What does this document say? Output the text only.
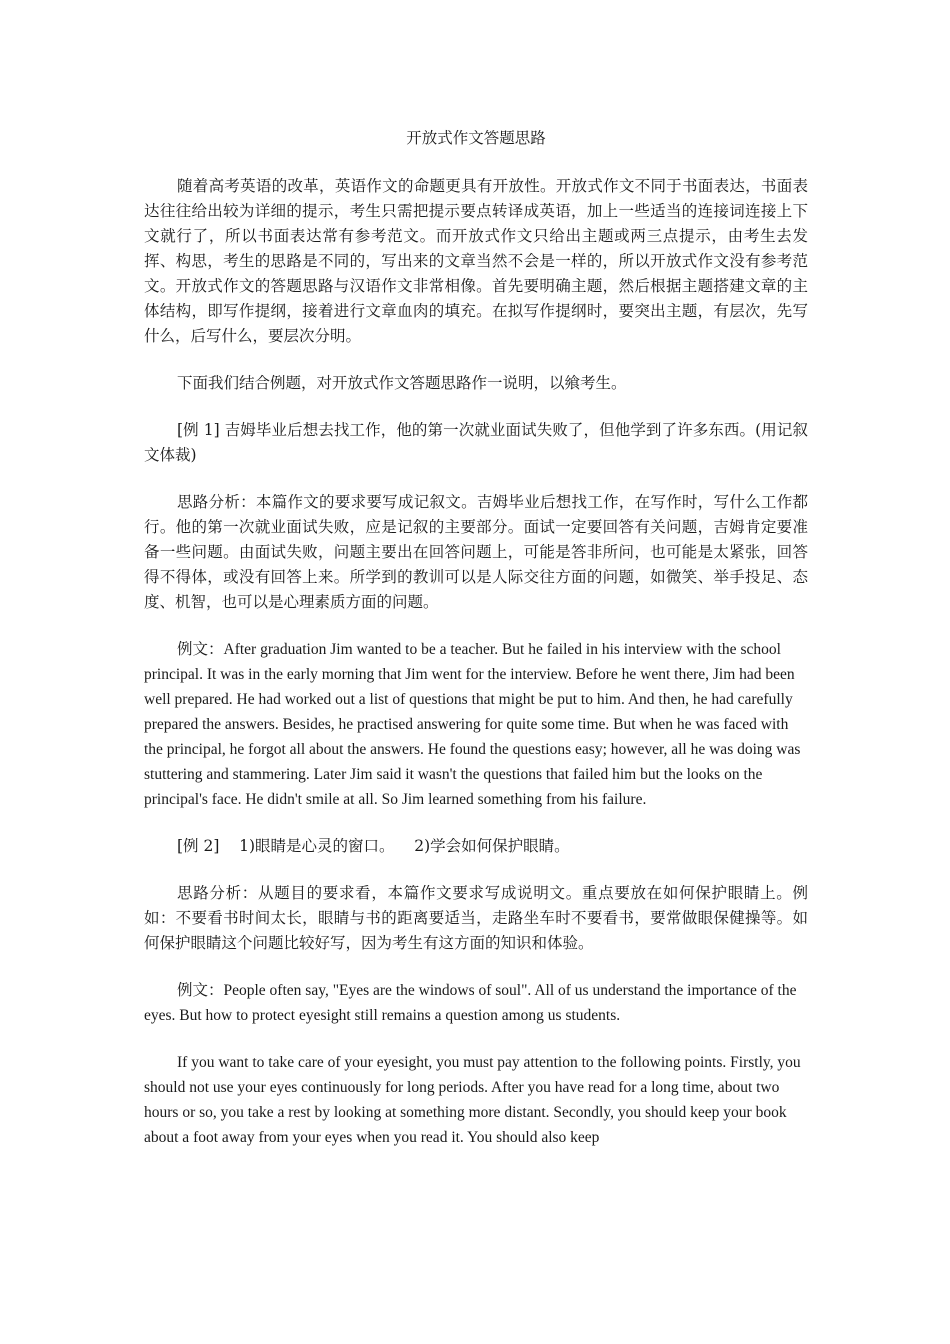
开放式作文答题思路

随着高考英语的改革，英语作文的命题更具有开放性。开放式作文不同于书面表达，书面表达往往给出较为详细的提示，考生只需把提示要点转译成英语，加上一些适当的连接词连接上下文就行了，所以书面表达常有参考范文。而开放式作文只给出主题或两三点提示，由考生去发挥、构思，考生的思路是不同的，写出来的文章当然不会是一样的，所以开放式作文没有参考范文。开放式作文的答题思路与汉语作文非常相像。首先要明确主题，然后根据主题搭建文章的主体结构，即写作提纲，接着进行文章血肉的填充。在拟写作提纲时，要突出主题，有层次，先写什么，后写什么，要层次分明。

下面我们结合例题，对开放式作文答题思路作一说明，以飨考生。

[例 1] 吉姆毕业后想去找工作，他的第一次就业面试失败了，但他学到了许多东西。(用记叙文体裁)

思路分析：本篇作文的要求要写成记叙文。吉姆毕业后想找工作，在写作时，写什么工作都行。他的第一次就业面试失败，应是记叙的主要部分。面试一定要回答有关问题，吉姆肯定要准备一些问题。由面试失败，问题主要出在回答问题上，可能是答非所问，也可能是太紧张，回答得不得体，或没有回答上来。所学到的教训可以是人际交往方面的问题，如微笑、举手投足、态度、机智，也可以是心理素质方面的问题。

例文：After graduation Jim wanted to be a teacher. But he failed in his interview with the school principal. It was in the early morning that Jim went for the interview. Before he went there, Jim had been well prepared. He had worked out a list of questions that might be put to him. And then, he had carefully prepared the answers. Besides, he practised answering for quite some time. But when he was faced with the principal, he forgot all about the answers. He found the questions easy; however, all he was doing was stuttering and stammering. Later Jim said it wasn't the questions that failed him but the looks on the principal's face. He didn't smile at all. So Jim learned something from his failure.

[例 2]    1)眼睛是心灵的窗口。    2)学会如何保护眼睛。

思路分析：从题目的要求看，本篇作文要求写成说明文。重点要放在如何保护眼睛上。例如：不要看书时间太长，眼睛与书的距离要适当，走路坐车时不要看书，要常做眼保健操等。如何保护眼睛这个问题比较好写，因为考生有这方面的知识和体验。

例文：People often say, "Eyes are the windows of soul". All of us understand the importance of the eyes. But how to protect eyesight still remains a question among us students.

If you want to take care of your eyesight, you must pay attention to the following points. Firstly, you should not use your eyes continuously for long periods. After you have read for a long time, about two hours or so, you take a rest by looking at something more distant. Secondly, you should keep your book about a foot away from your eyes when you read it. You should also keep
